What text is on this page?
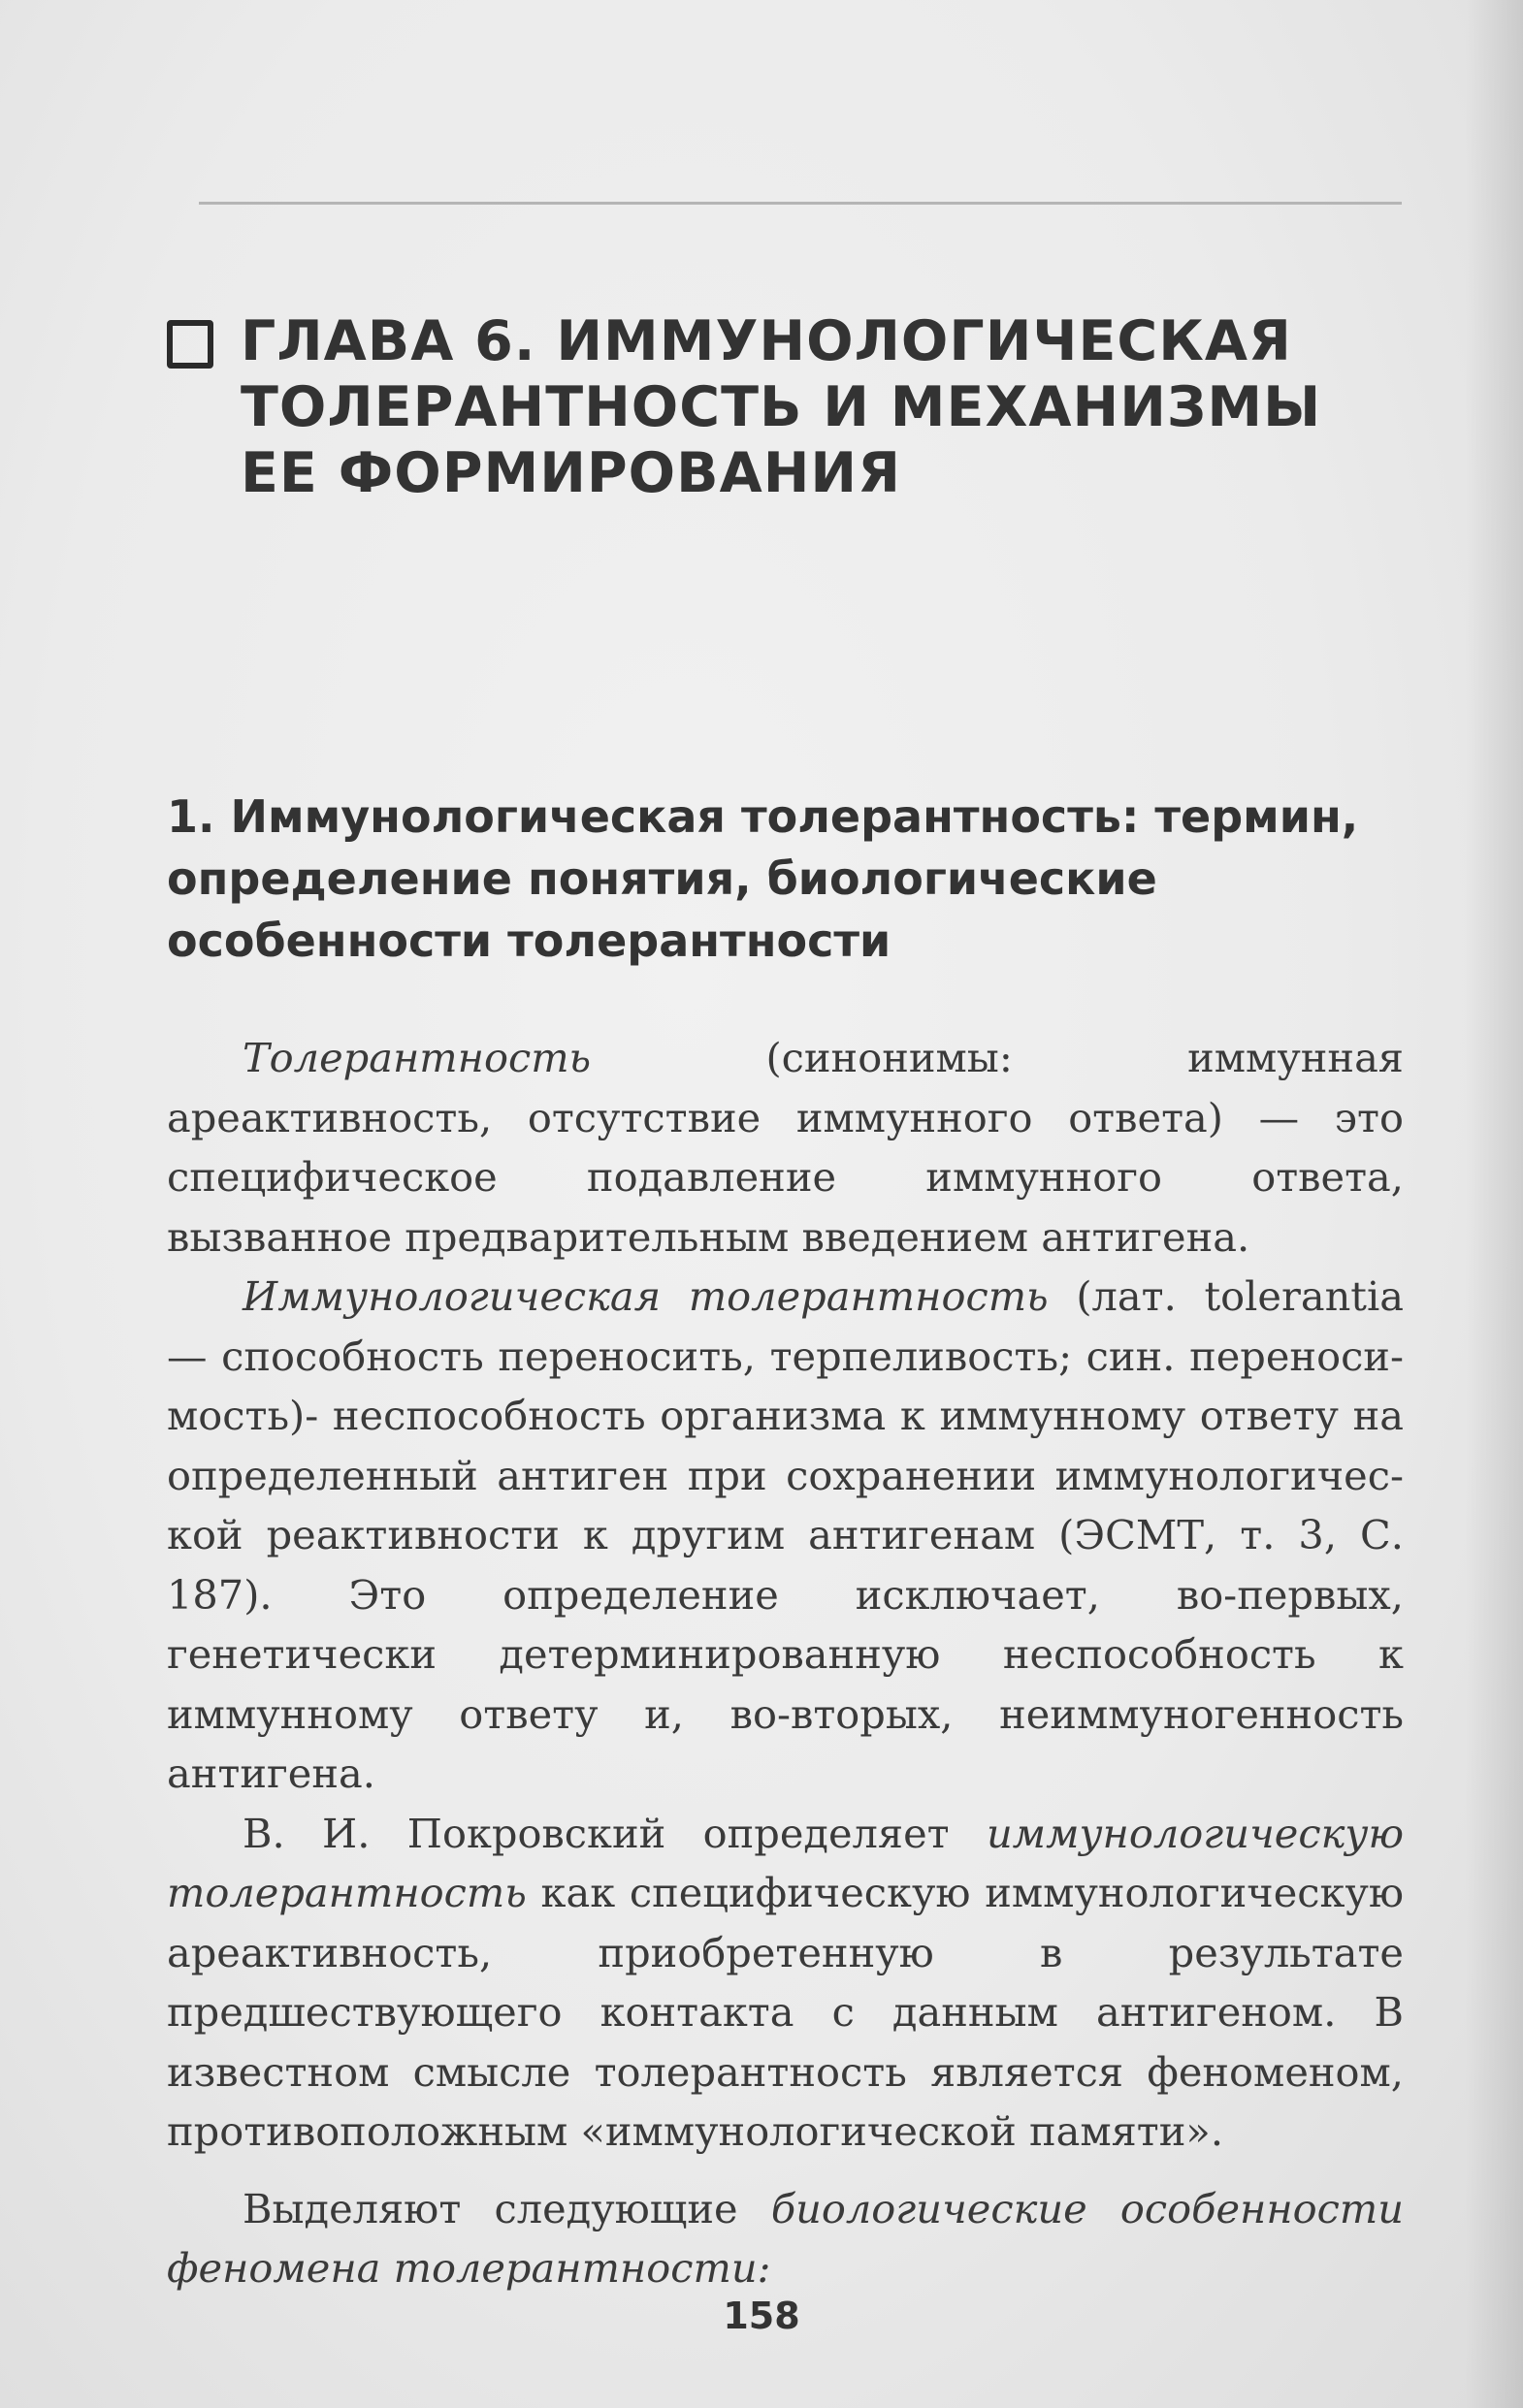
ГЛАВА 6. ИММУНОЛОГИЧЕСКАЯ ТОЛЕРАНТНОСТЬ И МЕХАНИЗМЫ ЕЕ ФОРМИРОВАНИЯ
1. Иммунологическая толерантность: термин, определение понятия, биологические особенности толерантности

Толерантность (синонимы: иммунная ареактивность, отсутствие иммунного ответа) — это специфическое подавление иммунного ответа, вызванное предварительным введением антигена.

Иммунологическая толерантность (лат. tolerantia — способность переносить, терпеливость; син. переносимость)- неспособность организма к иммунному ответу на определенный антиген при сохранении иммунологической реактивности к другим антигенам (ЭСМТ, т. 3, С. 187). Это определение исключает, во-первых, генетически детерминированную неспособность к иммунному ответу и, во-вторых, неиммуногенность антигена.

В. И. Покровский определяет иммунологическую толерантность как специфическую иммунологическую ареактивность, приобретенную в результате предшествующего контакта с данным антигеном. В известном смысле толерантность является феноменом, противоположным «иммунологической памяти».

Выделяют следующие биологические особенности феномена толерантности:

158
